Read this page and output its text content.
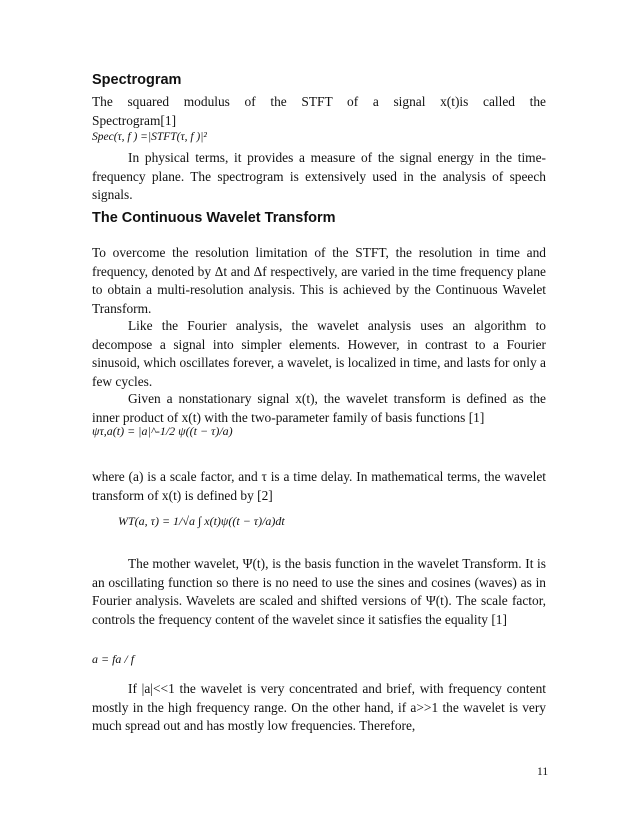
Spectrogram
The squared modulus of the STFT of a signal x(t)is called the
Spectrogram[1]
Spec(τ, f ) =|STFT(τ, f )|²

In physical terms, it provides a measure of the signal energy in the time-frequency plane. The spectrogram is extensively used in the analysis of speech signals.

The Continuous Wavelet Transform

To overcome the resolution limitation of the STFT, the resolution in time and frequency, denoted by Δt and Δf respectively, are varied in the time frequency plane to obtain a multi-resolution analysis. This is achieved by the Continuous Wavelet Transform.

Like the Fourier analysis, the wavelet analysis uses an algorithm to decompose a signal into simpler elements. However, in contrast to a Fourier sinusoid, which oscillates forever, a wavelet, is localized in time, and lasts for only a few cycles.

Given a nonstationary signal x(t), the wavelet transform is defined as the inner product of x(t) with the two-parameter family of basis functions [1]

ψτ,a(t) = |a|^-1/2 ψ((t − τ)/a)

where (a) is a scale factor, and τ is a time delay. In mathematical terms, the wavelet transform of x(t) is defined by [2]

WT(a, τ) = 1/√a ∫ x(t)ψ((t − τ)/a)dt

The mother wavelet, Ψ(t), is the basis function in the wavelet Transform. It is an oscillating function so there is no need to use the sines and cosines (waves) as in Fourier analysis. Wavelets are scaled and shifted versions of Ψ(t). The scale factor, controls the frequency content of the wavelet since it satisfies the equality [1]

a = fa / f

If |a|<<1 the wavelet is very concentrated and brief, with frequency content mostly in the high frequency range. On the other hand, if a>>1 the wavelet is very much spread out and has mostly low frequencies. Therefore,

11
